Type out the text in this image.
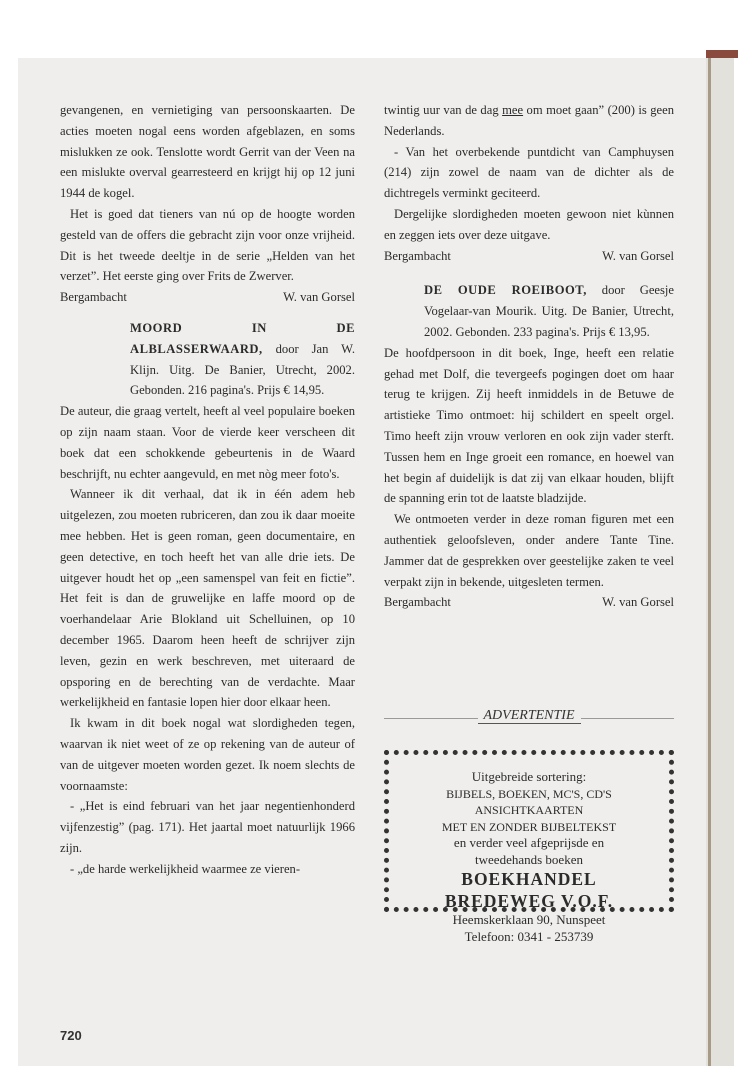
gevangenen, en vernietiging van persoonskaarten. De acties moeten nogal eens worden afgeblazen, en soms mislukken ze ook. Tenslotte wordt Gerrit van der Veen na een mislukte overval gearresteerd en krijgt hij op 12 juni 1944 de kogel.

Het is goed dat tieners van nú op de hoogte worden gesteld van de offers die gebracht zijn voor onze vrijheid. Dit is het tweede deeltje in de serie „Helden van het verzet”. Het eerste ging over Frits de Zwerver.

Bergambacht	W. van Gorsel
MOORD IN DE ALBLASSERWAARD, door Jan W. Klijn. Uitg. De Banier, Utrecht, 2002. Gebonden. 216 pagina's. Prijs € 14,95.

De auteur, die graag vertelt, heeft al veel populaire boeken op zijn naam staan. Voor de vierde keer verscheen dit boek dat een schokkende gebeurtenis in de Waard beschrijft, nu echter aangevuld, en met nòg meer foto's.

Wanneer ik dit verhaal, dat ik in één adem heb uitgelezen, zou moeten rubriceren, dan zou ik daar moeite mee hebben. Het is geen roman, geen documentaire, en geen detective, en toch heeft het van alle drie iets. De uitgever houdt het op „een samenspel van feit en fictie”. Het feit is dan de gruwelijke en laffe moord op de voerhandelaar Arie Blokland uit Schelluinen, op 10 december 1965. Daarom heen heeft de schrijver zijn leven, gezin en werk beschreven, met uiteraard de opsporing en de berechting van de verdachte. Maar werkelijkheid en fantasie lopen hier door elkaar heen.

Ik kwam in dit boek nogal wat slordigheden tegen, waarvan ik niet weet of ze op rekening van de auteur of van de uitgever moeten worden gezet. Ik noem slechts de voornaamste:

- „Het is eind februari van het jaar negentienhonderd vijfenzestig” (pag. 171). Het jaartal moet natuurlijk 1966 zijn.

- „de harde werkelijkheid waarmee ze vieren-

twintig uur van de dag mee om moet gaan” (200) is geen Nederlands.

- Van het overbekende puntdicht van Camphuysen (214) zijn zowel de naam van de dichter als de dichtregels verminkt geciteerd.

Dergelijke slordigheden moeten gewoon niet kùnnen en zeggen iets over deze uitgave.

Bergambacht	W. van Gorsel
DE OUDE ROEIBOOT, door Geesje Vogelaar-van Mourik. Uitg. De Banier, Utrecht, 2002. Gebonden. 233 pagina's. Prijs € 13,95.

De hoofdpersoon in dit boek, Inge, heeft een relatie gehad met Dolf, die tevergeefs pogingen doet om haar terug te krijgen. Zij heeft inmiddels in de Betuwe de artistieke Timo ontmoet: hij schildert en speelt orgel. Timo heeft zijn vrouw verloren en ook zijn vader sterft. Tussen hem en Inge groeit een romance, en hoewel van het begin af duidelijk is dat zij van elkaar houden, blijft de spanning erin tot de laatste bladzijde.

We ontmoeten verder in deze roman figuren met een authentiek geloofsleven, onder andere Tante Tine. Jammer dat de gesprekken over geestelijke zaken te veel verpakt zijn in bekende, uitgesleten termen.

Bergambacht	W. van Gorsel
ADVERTENTIE
Uitgebreide sortering:
BIJBELS, BOEKEN, MC'S, CD'S
ANSICHTKAARTEN
MET EN ZONDER BIJBELTEKST
en verder veel afgeprijsde en
tweedehands boeken
BOEKHANDEL
BREDEWEG V.O.F.
Heemskerklaan 90, Nunspeet
Telefoon: 0341 - 253739
720
